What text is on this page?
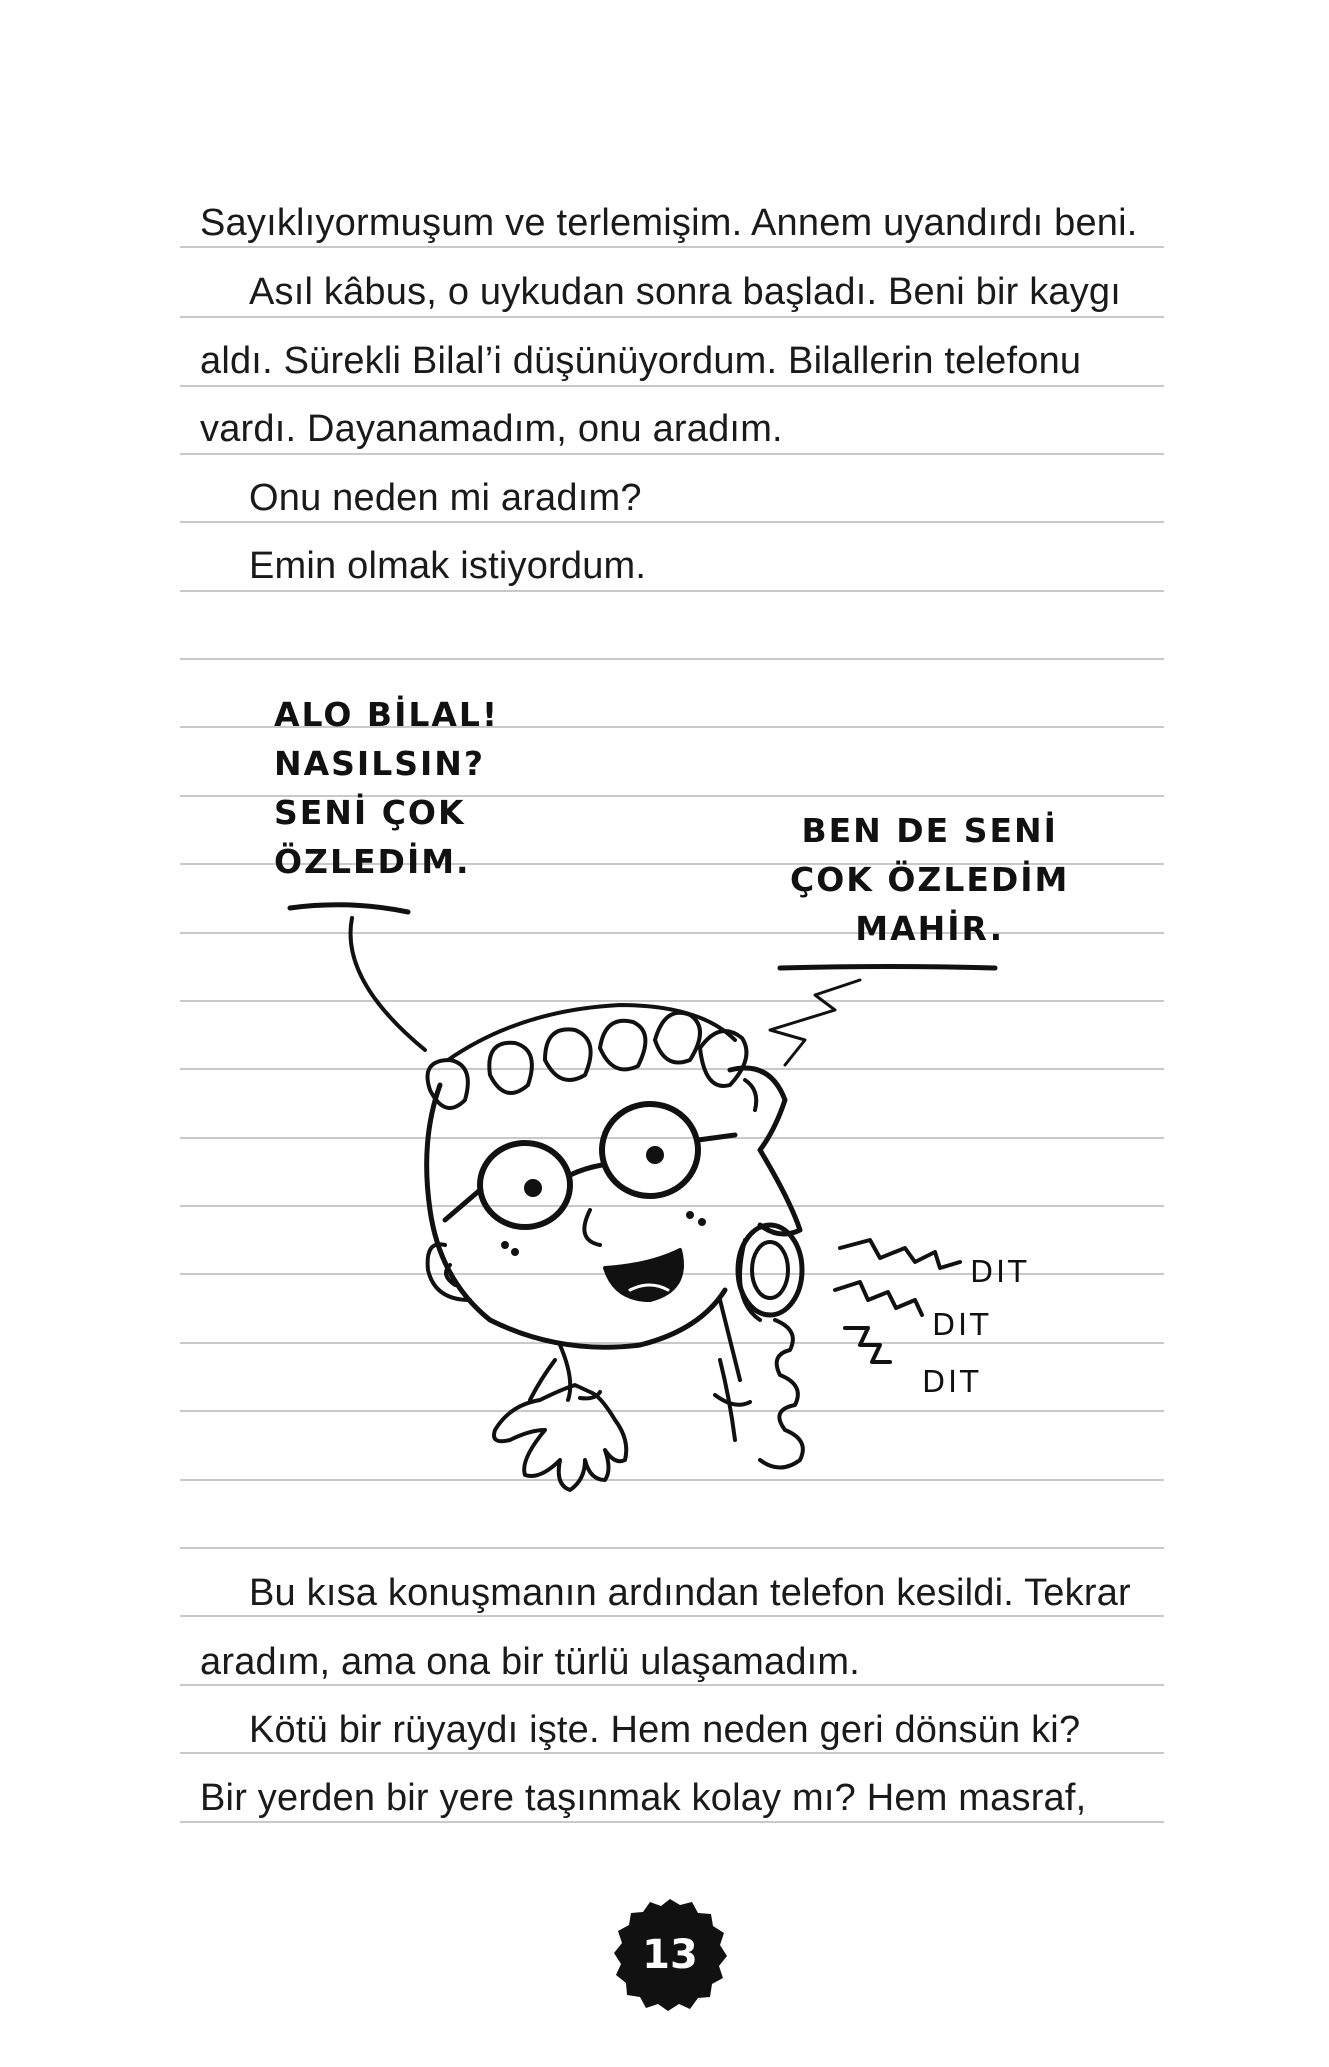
Sayıklıyormuşum ve terlemişim. Annem uyandırdı beni.
Asıl kâbus, o uykudan sonra başladı. Beni bir kaygı
aldı. Sürekli Bilal’i düşünüyordum. Bilallerin telefonu
vardı. Dayanamadım, onu aradım.
Onu neden mi aradım?
Emin olmak istiyordum.
ALO BİLAL!
NASILSIN?
SENİ ÇOK
ÖZLEDİM.
BEN DE SENİ
ÇOK ÖZLEDİM
MAHİR.
DIT
DIT
DIT
Bu kısa konuşmanın ardından telefon kesildi. Tekrar
aradım, ama ona bir türlü ulaşamadım.
Kötü bir rüyaydı işte. Hem neden geri dönsün ki?
Bir yerden bir yere taşınmak kolay mı? Hem masraf,
13
